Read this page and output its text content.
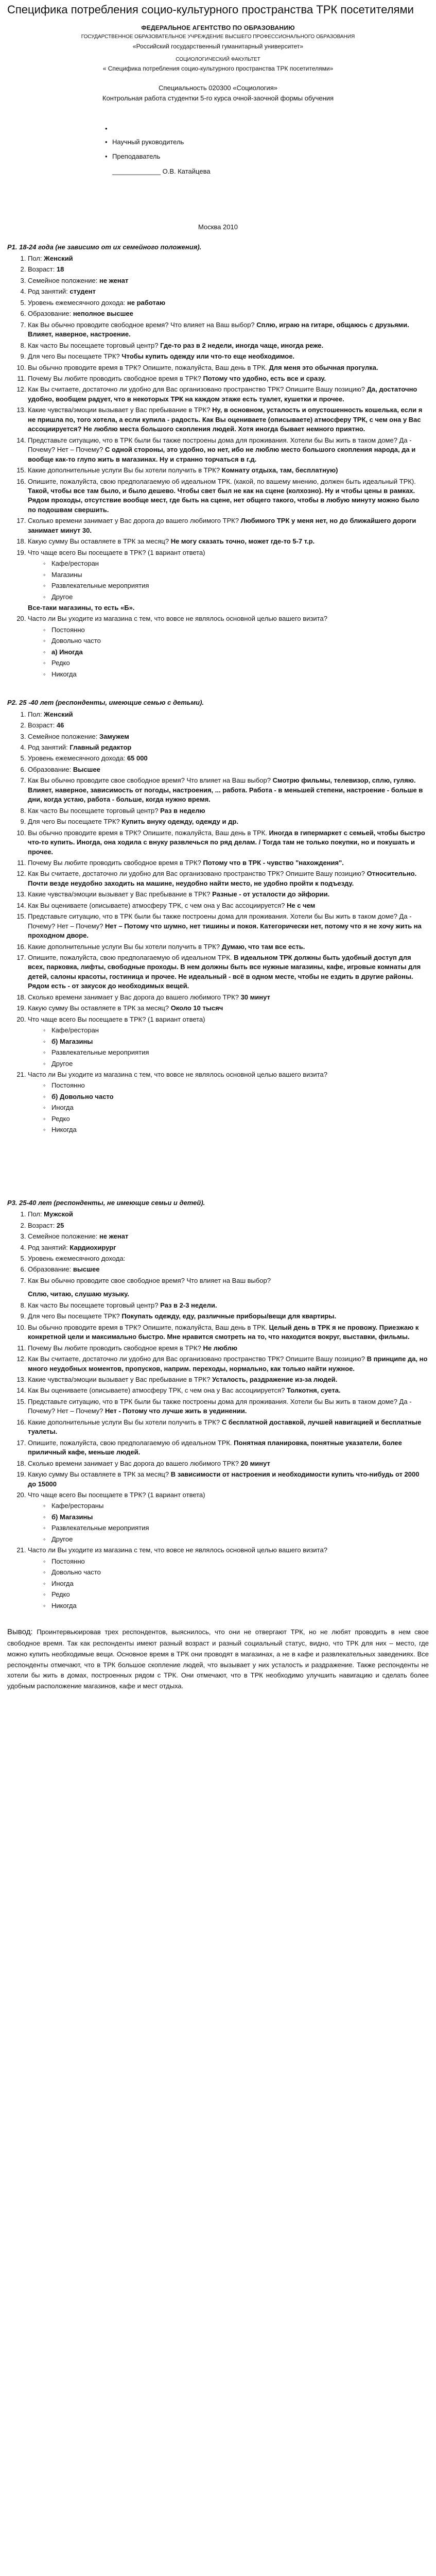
Специфика потребления социо-культурного пространства ТРК посетителями
ФЕДЕРАЛЬНОЕ АГЕНТСТВО ПО ОБРАЗОВАНИЮ
ГОСУДАРСТВЕННОЕ ОБРАЗОВАТЕЛЬНОЕ УЧРЕЖДЕНИЕ ВЫСШЕГО ПРОФЕССИОНАЛЬНОГО ОБРАЗОВАНИЯ
«Российский государственный гуманитарный университет»
СОЦИОЛОГИЧЕСКИЙ ФАКУЛЬТЕТ
« Специфика потребления социо-культурного пространства ТРК посетителями»
Специальность 020300 «Социология»
Контрольная работа студентки 5-го курса очной-заочной формы обучения
•
• Научный руководитель
• Преподаватель
_____________ О.В. Катайцева
Москва 2010
Р1. 18-24 года (не зависимо от их семейного положения).
1. Пол: Женский
2. Возраст: 18
3. Семейное положение: не женат
4. Род занятий: студент
5. Уровень ежемесячного дохода: не работаю
6. Образование: неполное высшее
7. Как Вы обычно проводите свободное время? Что влияет на Ваш выбор? Сплю, играю на гитаре, общаюсь с друзьями. Влияет, наверное, настроение.
8. Как часто Вы посещаете торговый центр? Где-то раз в 2 недели, иногда чаще, иногда реже.
9. Для чего Вы посещаете ТРК? Чтобы купить одежду или что-то еще необходимое.
10. Вы обычно проводите время в ТРК? Опишите, пожалуйста, Ваш день в ТРК. Для меня это обычная прогулка.
11. Почему Вы любите проводить свободное время в ТРК? Потому что удобно, есть все и сразу.
12. Как Вы считаете, достаточно ли удобно для Вас организовано пространство ТРК? Опишите Вашу позицию? Да, достаточно удобно, вообщем радует, что в некоторых ТРК на каждом этаже есть туалет, кушетки и прочее.
13. Какие чувства/эмоции вызывает у Вас пребывание в ТРК? Ну, в основном, усталость и опустошенность кошелька, если я не пришла по, того хотела, а если купила - радость. Как Вы оцениваете (описываете) атмосферу ТРК, с чем она у Вас ассоциируется? Не люблю места большого скопления людей. Хотя иногда бывает немного приятно.
14. Представьте ситуацию, что в ТРК были бы также построены дома для проживания. Хотели бы Вы жить в таком доме? Да - Почему? Нет – Почему? С одной стороны, это удобно, но нет, ибо не люблю место большого скопления народа, да и вообще как-то глупо жить в магазинах. Ну и странно торчаться в г.д.
15. Какие дополнительные услуги Вы бы хотели получить в ТРК? Комнату отдыха, там, бесплатную)
16. Опишите, пожалуйста, свою предполагаемую об идеальном ТРК. (какой, по вашему мнению, должен быть идеальный ТРК). Такой, чтобы все там было, и было дешево. Чтобы свет был не как на сцене (колхозно). Ну и чтобы цены в рамках. Рядом проходы, отсутствие вообще мест, где быть на сцене, нет общего такого, чтобы в любую минуту можно было по подошвам свершить.
17. Сколько времени занимает у Вас дорога до вашего любимого ТРК? Любимого ТРК у меня нет, но до ближайшего дороги занимает минут 30.
18. Какую сумму Вы оставляете в ТРК за месяц? Не могу сказать точно, может где-то 5-7 т.р.
19. Что чаще всего Вы посещаете в ТРК? (1 вариант ответа)
◦ Кафе/ресторан
◦ Магазины
◦ Развлекательные мероприятия
◦ Другое
Все-таки магазины, то есть «Б».
20. Часто ли Вы уходите из магазина с тем, что вовсе не являлось основной целью вашего визита?
◦ Постоянно
◦ Довольно часто
◦ а) Иногда
◦ Редко
◦ Никогда
Р2. 25 -40 лет (респонденты, имеющие семью с детьми).
1. Пол: Женский
2. Возраст: 46
3. Семейное положение: Замужем
4. Род занятий: Главный редактор
5. Уровень ежемесячного дохода: 65 000
6. Образование: Высшее
7. Как Вы обычно проводите свое свободное время? Что влияет на Ваш выбор? Смотрю фильмы, телевизор, сплю, гуляю. Влияет, наверное, зависимость от погоды, настроения, ... работа. Работа - в меньшей степени, настроение - больше в дни, когда устаю, работа - больше, когда нужно время.
8. Как часто Вы посещаете торговый центр? Раз в неделю
9. Для чего Вы посещаете ТРК? Купить внуку одежду, одежду и др.
10. Вы обычно проводите время в ТРК? Опишите, пожалуйста, Ваш день в ТРК. Иногда в гипермаркет с семьей, чтобы быстро что-то купить. Иногда, она ходила с внуку развлечься по ряд делам. / Тогда там не только покупки, но и покушать и прочее.
11. Почему Вы любите проводить свободное время в ТРК? Потому что в ТРК - чувство "нахождения".
12. Как Вы считаете, достаточно ли удобно для Вас организовано пространство ТРК? Опишите Вашу позицию? Относительно. Почти везде неудобно заходить на машине, неудобно найти место, не удобно пройти к подъезду.
13. Какие чувства/эмоции вызывает у Вас пребывание в ТРК? Разные - от усталости до эйфории.
14. Как Вы оцениваете (описываете) атмосферу ТРК, с чем она у Вас ассоциируется? Не с чем
15. Представьте ситуацию, что в ТРК были бы также построены дома для проживания. Хотели бы Вы жить в таком доме? Да - Почему? Нет – Почему? Нет – Потому что шумно, нет тишины и покоя. Категорически нет, потому что я не хочу жить на проходном дворе.
16. Какие дополнительные услуги Вы бы хотели получить в ТРК? Думаю, что там все есть.
17. Опишите, пожалуйста, свою предполагаемую об идеальном ТРК. В идеальном ТРК должны быть удобный доступ для всех, парковка, лифты, свободные проходы. В нем должны быть все нужные магазины, кафе, игровые комнаты для детей, салоны красоты, гостиница и прочее. Не идеальный - всё в одном месте, чтобы не ездить в другие районы. Рядом есть - от закусок до необходимых вещей.
18. Сколько времени занимает у Вас дорога до вашего любимого ТРК? 30 минут
19. Какую сумму Вы оставляете в ТРК за месяц? Около 10 тысяч
20. Что чаще всего Вы посещаете в ТРК? (1 вариант ответа)
◦ Кафе/ресторан
◦ б) Магазины
◦ Развлекательные мероприятия
◦ Другое
21. Часто ли Вы уходите из магазина с тем, что вовсе не являлось основной целью вашего визита?
◦ Постоянно
◦ б) Довольно часто
◦ Иногда
◦ Редко
◦ Никогда
Р3. 25-40 лет (респонденты, не имеющие семьи и детей).
1. Пол: Мужской
2. Возраст: 25
3. Семейное положение: не женат
4. Род занятий: Кардиохирург
5. Уровень ежемесячного дохода:
6. Образование: высшее
7. Как Вы обычно проводите свое свободное время? Что влияет на Ваш выбор?
Сплю, читаю, слушаю музыку.
8. Как часто Вы посещаете торговый центр? Раз в 2-3 недели.
9. Для чего Вы посещаете ТРК? Покупать одежду, еду, различные приборы/вещи для квартиры.
10. Вы обычно проводите время в ТРК? Опишите, пожалуйста, Ваш день в ТРК. Целый день в ТРК я не провожу. Приезжаю к конкретной цели и максимально быстро. Мне нравится смотреть на то, что находится вокруг, выставки, фильмы.
11. Почему Вы любите проводить свободное время в ТРК? Не люблю
12. Как Вы считаете, достаточно ли удобно для Вас организовано пространство ТРК? Опишите Вашу позицию? В принципе да, но много неудобных моментов, пропусков, наприм. переходы, нормально, как только найти нужное.
13. Какие чувства/эмоции вызывает у Вас пребывание в ТРК? Усталость, раздражение из-за людей.
14. Как Вы оцениваете (описываете) атмосферу ТРК, с чем она у Вас ассоциируется? Толкотня, суета.
15. Представьте ситуацию, что в ТРК были бы также построены дома для проживания. Хотели бы Вы жить в таком доме? Да - Почему? Нет – Почему? Нет - Потому что лучше жить в уединении.
16. Какие дополнительные услуги Вы бы хотели получить в ТРК? С бесплатной доставкой, лучшей навигацией и бесплатные туалеты.
17. Опишите, пожалуйста, свою предполагаемую об идеальном ТРК. Понятная планировка, понятные указатели, более приличный кафе, меньше людей.
18. Сколько времени занимает у Вас дорога до вашего любимого ТРК? 20 минут
19. Какую сумму Вы оставляете в ТРК за месяц? В зависимости от настроения и необходимости купить что-нибудь от 2000 до 15000
20. Что чаще всего Вы посещаете в ТРК? (1 вариант ответа)
◦ Кафе/рестораны
◦ б) Магазины
◦ Развлекательные мероприятия
◦ Другое
21. Часто ли Вы уходите из магазина с тем, что вовсе не являлось основной целью вашего визита?
◦ Постоянно
◦ Довольно часто
◦ Иногда
◦ Редко
◦ Никогда
Вывод: Проинтервьюировав трех респондентов, выяснилось, что они не отвергают ТРК, но не любят проводить в нем свое свободное время. Так как респонденты имеют разный возраст и разный социальный статус, видно, что ТРК для них – место, где можно купить необходимые вещи. Основное время в ТРК они проводят в магазинах, а не в кафе и развлекательных заведениях. Все респонденты отмечают, что в ТРК большое скопление людей, что вызывает у них усталость и раздражение. Также респонденты не хотели бы жить в домах, построенных рядом с ТРК. Они отмечают, что в ТРК необходимо улучшить навигацию и сделать более удобным расположение магазинов, кафе и мест отдыха.
